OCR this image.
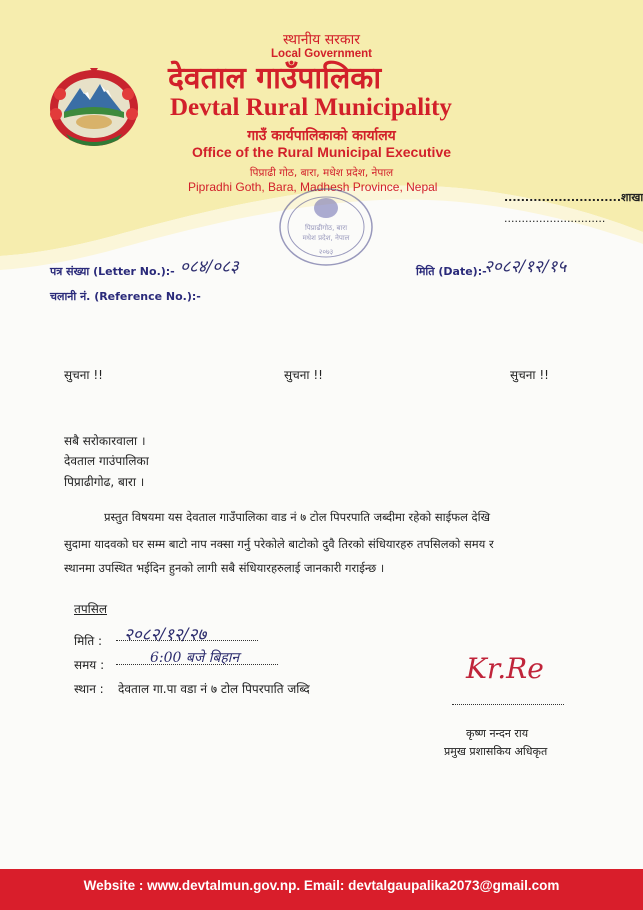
स्थानीय सरकार
Local Government
देवताल गाउँपालिका
Devtal Rural Municipality
गाउँ कार्यपालिकाको कार्यालय
Office of the Rural Municipal Executive
पिप्राढी गोठ, बारा, मधेश प्रदेश, नेपाल
Pipradhi Goth, Bara, Madhesh Province, Nepal
............................शाखा
.............................
पिप्राढीगोठ, बारा
मधेश प्रदेश, नेपाल
२०७३
पत्र संख्या (Letter No.):- ०८४/०८३	मिति (Date):-
२०८२/१२/१५
चलानी नं. (Reference No.):-
सुचना !!	सुचना !!	सुचना !!
सबै सरोकारवाला ।
देवताल गाउंपालिका
पिप्राढीगोढ, बारा ।
प्रस्तुत विषयमा यस देवताल गाउँपालिका वाड नं ७ टोल पिपरपाति जब्दीमा रहेको साईफल देखि
सुदामा यादवको घर सम्म बाटो नाप नक्सा गर्नु परेकोले बाटोको दुवै तिरको संधियारहरु तपसिलको समय र
स्थानमा उपस्थित भईदिन हुनको लागी सबै संधियारहरुलाई जानकारी गराईन्छ ।
तपसिल
मिति : २०८२/१२/२७
समय :	6:00 बजे बिहान
स्थान : देवताल गा.पा वडा नं ७ टोल पिपरपाति जब्दि
Kr.Re
कृष्ण नन्दन राय
प्रमुख प्रशासकिय अधिकृत
Website : www.devtalmun.gov.np. Email: devtalgaupalika2073@gmail.com
